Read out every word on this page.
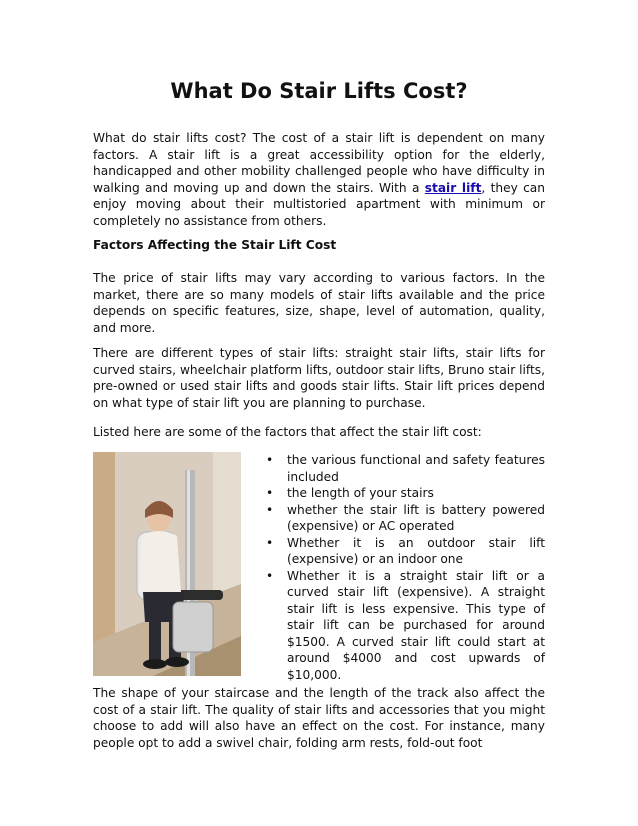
What Do Stair Lifts Cost?

What do stair lifts cost? The cost of a stair lift is dependent on many factors. A stair lift is a great accessibility option for the elderly, handicapped and other mobility challenged people who have difficulty in walking and moving up and down the stairs. With a stair lift, they can enjoy moving about their multistoried apartment with minimum or completely no assistance from others.

Factors Affecting the Stair Lift Cost

The price of stair lifts may vary according to various factors. In the market, there are so many models of stair lifts available and the price depends on specific features, size, shape, level of automation, quality, and more.

There are different types of stair lifts: straight stair lifts, stair lifts for curved stairs, wheelchair platform lifts, outdoor stair lifts, Bruno stair lifts, pre-owned or used stair lifts and goods stair lifts. Stair lift prices depend on what type of stair lift you are planning to purchase.

Listed here are some of the factors that affect the stair lift cost:

• the various functional and safety features included
• the length of your stairs
• whether the stair lift is battery powered (expensive) or AC operated
• Whether it is an outdoor stair lift (expensive) or an indoor one
• Whether it is a straight stair lift or a curved stair lift (expensive). A straight stair lift is less expensive. This type of stair lift can be purchased for around $1500. A curved stair lift could start at around $4000 and cost upwards of $10,000.

The shape of your staircase and the length of the track also affect the cost of a stair lift. The quality of stair lifts and accessories that you might choose to add will also have an effect on the cost. For instance, many people opt to add a swivel chair, folding arm rests, fold-out foot
